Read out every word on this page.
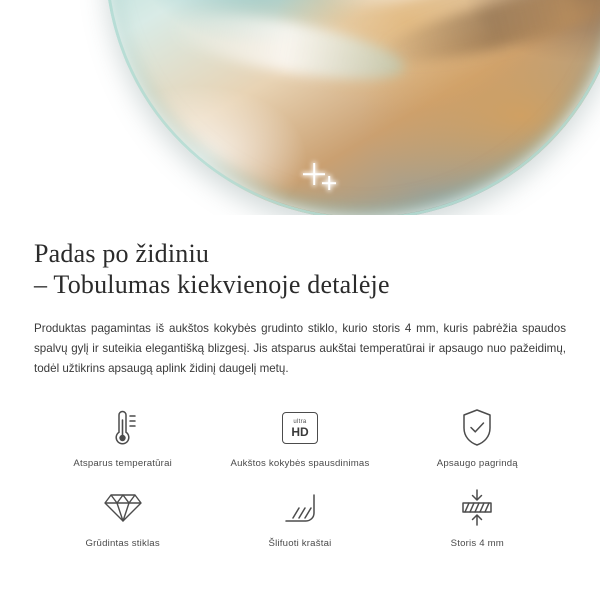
Padas po židiniu
– Tobulumas kiekvienoje detalėje

Produktas pagamintas iš aukštos kokybės grudinto stiklo, kurio storis 4 mm, kuris pabrėžia spaudos spalvų gylį ir suteikia elegantišką blizgesį. Jis atsparus aukštai temperatūrai ir apsaugo nuo pažeidimų, todėl užtikrins apsaugą aplink židinį daugelį metų.

Atsparus temperatūrai
ultra
HD
Aukštos kokybės spausdinimas	Apsaugo pagrindą
Grūdintas stiklas	Šlifuoti kraštai	Storis 4 mm
